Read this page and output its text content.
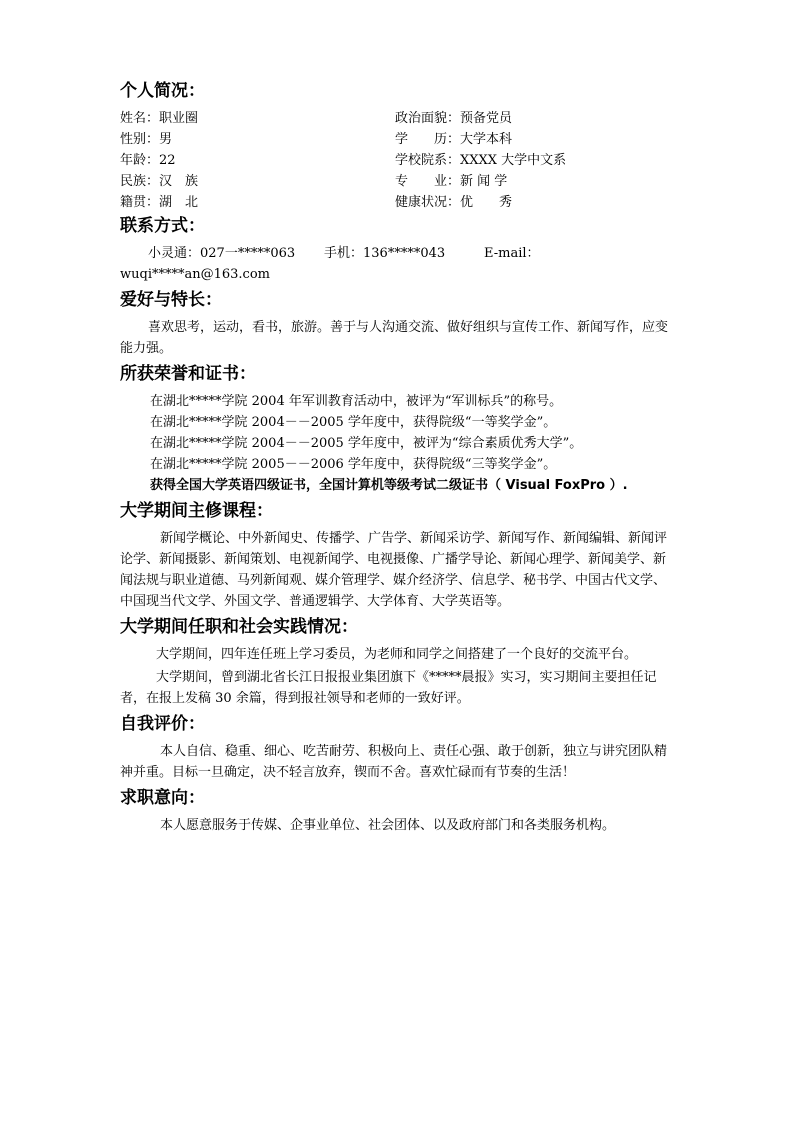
个人简况：
姓名：职业圈
性别：男
年龄：22
民族：汉　族
籍贯：湖　北
政治面貌：预备党员
学　　历：大学本科
学校院系：XXXX 大学中文系
专　　业：新 闻 学
健康状况：优　　秀
联系方式：
小灵通：027一*****063	手机：136*****043	E-mail：
wuqi*****an@163.com
爱好与特长：

喜欢思考，运动，看书，旅游。善于与人沟通交流、做好组织与宣传工作、新闻写作，应变能力强。

所获荣誉和证书：
在湖北*****学院 2004 年军训教育活动中，被评为“军训标兵”的称号。
在湖北*****学院 2004－－2005 学年度中，获得院级“一等奖学金”。
在湖北*****学院 2004－－2005 学年度中，被评为“综合素质优秀大学”。
在湖北*****学院 2005－－2006 学年度中，获得院级“三等奖学金”。
获得全国大学英语四级证书，全国计算机等级考试二级证书（ Visual FoxPro ）.
大学期间主修课程：

新闻学概论、中外新闻史、传播学、广告学、新闻采访学、新闻写作、新闻编辑、新闻评论学、新闻摄影、新闻策划、电视新闻学、电视摄像、广播学导论、新闻心理学、新闻美学、新闻法规与职业道德、马列新闻观、媒介管理学、媒介经济学、信息学、秘书学、中国古代文学、中国现当代文学、外国文学、普通逻辑学、大学体育、大学英语等。

大学期间任职和社会实践情况：

大学期间，四年连任班上学习委员，为老师和同学之间搭建了一个良好的交流平台。

大学期间，曾到湖北省长江日报报业集团旗下《*****晨报》实习，实习期间主要担任记者，在报上发稿 30 余篇，得到报社领导和老师的一致好评。

自我评价：

本人自信、稳重、细心、吃苦耐劳、积极向上、责任心强、敢于创新，独立与讲究团队精神并重。目标一旦确定，决不轻言放弃，锲而不舍。喜欢忙碌而有节奏的生活！

求职意向：

本人愿意服务于传媒、企事业单位、社会团体、以及政府部门和各类服务机构。
